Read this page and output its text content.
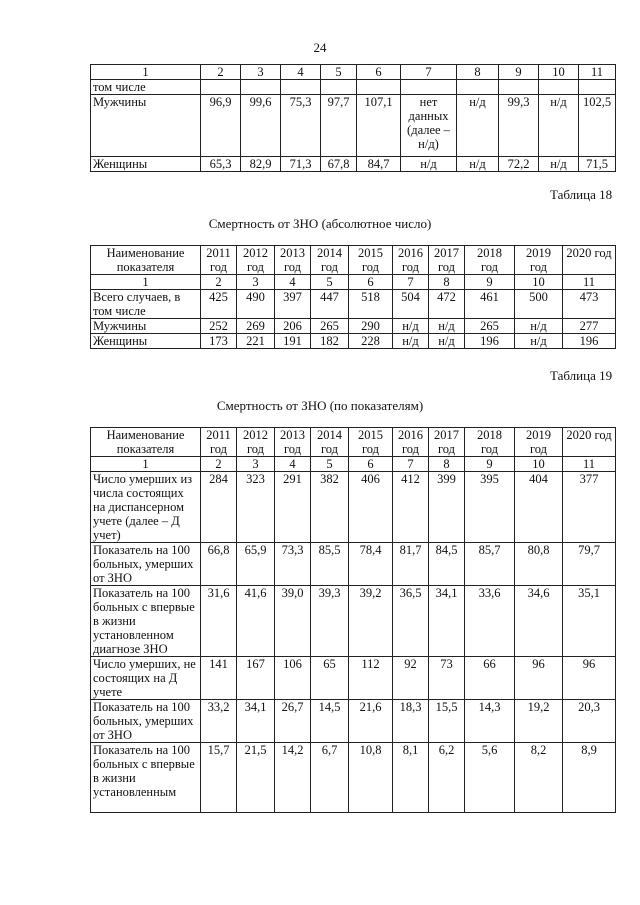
24
1	2	3	4	5	6	7	8	9	10	11
том числе										
Мужчины	96,9	99,6	75,3	97,7	107,1	нет данных (далее – н/д)	н/д	99,3	н/д	102,5
Женщины	65,3	82,9	71,3	67,8	84,7	н/д	н/д	72,2	н/д	71,5
Таблица 18
Смертность от ЗНО (абсолютное число)
Наименование показателя	2011 год	2012 год	2013 год	2014 год	2015 год	2016 год	2017 год	2018 год	2019 год	2020 год
1	2	3	4	5	6	7	8	9	10	11
Всего случаев, в том числе	425	490	397	447	518	504	472	461	500	473
Мужчины	252	269	206	265	290	н/д	н/д	265	н/д	277
Женщины	173	221	191	182	228	н/д	н/д	196	н/д	196
Таблица 19
Смертность от ЗНО (по показателям)
Наименование показателя	2011 год	2012 год	2013 год	2014 год	2015 год	2016 год	2017 год	2018 год	2019 год	2020 год
1	2	3	4	5	6	7	8	9	10	11
Число умерших из числа состоящих на диспансерном учете (далее – Д учет)	284	323	291	382	406	412	399	395	404	377
Показатель на 100 больных, умерших от ЗНО	66,8	65,9	73,3	85,5	78,4	81,7	84,5	85,7	80,8	79,7
Показатель на 100 больных с впервые в жизни установленном диагнозе ЗНО	31,6	41,6	39,0	39,3	39,2	36,5	34,1	33,6	34,6	35,1
Число умерших, не состоящих на Д учете	141	167	106	65	112	92	73	66	96	96
Показатель на 100 больных, умерших от ЗНО	33,2	34,1	26,7	14,5	21,6	18,3	15,5	14,3	19,2	20,3
Показатель на 100 больных с впервые в жизни установленным	15,7	21,5	14,2	6,7	10,8	8,1	6,2	5,6	8,2	8,9
